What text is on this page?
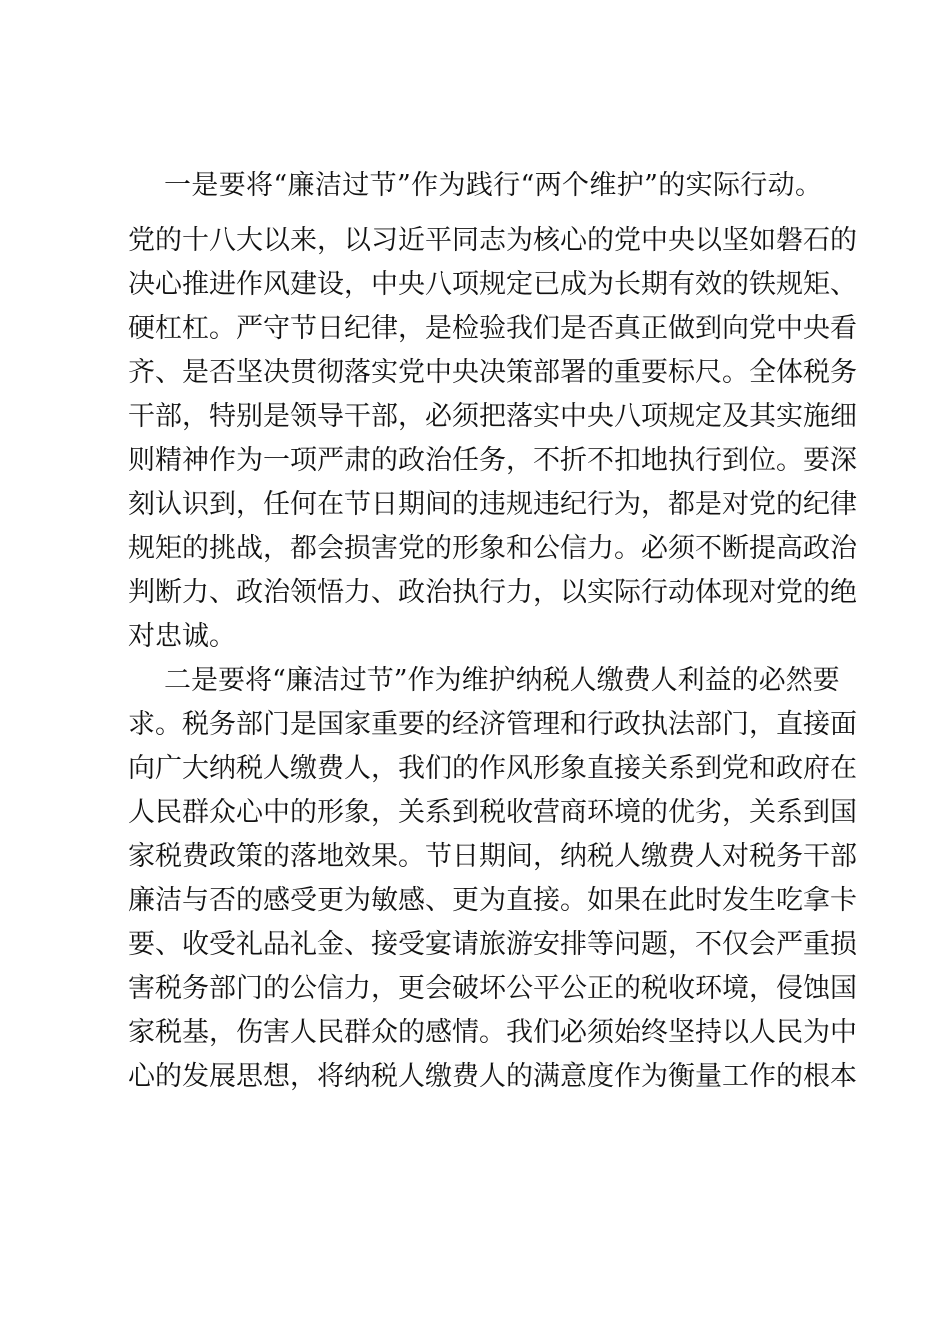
一是要将“廉洁过节”作为践行“两个维护”的实际行动。
党的十八大以来，以习近平同志为核心的党中央以坚如磐石的
决心推进作风建设，中央八项规定已成为长期有效的铁规矩、
硬杠杠。严守节日纪律，是检验我们是否真正做到向党中央看
齐、是否坚决贯彻落实党中央决策部署的重要标尺。全体税务
干部，特别是领导干部，必须把落实中央八项规定及其实施细
则精神作为一项严肃的政治任务，不折不扣地执行到位。要深
刻认识到，任何在节日期间的违规违纪行为，都是对党的纪律
规矩的挑战，都会损害党的形象和公信力。必须不断提高政治
判断力、政治领悟力、政治执行力，以实际行动体现对党的绝
对忠诚。
二是要将“廉洁过节”作为维护纳税人缴费人利益的必然要
求。税务部门是国家重要的经济管理和行政执法部门，直接面
向广大纳税人缴费人，我们的作风形象直接关系到党和政府在
人民群众心中的形象，关系到税收营商环境的优劣，关系到国
家税费政策的落地效果。节日期间，纳税人缴费人对税务干部
廉洁与否的感受更为敏感、更为直接。如果在此时发生吃拿卡
要、收受礼品礼金、接受宴请旅游安排等问题，不仅会严重损
害税务部门的公信力，更会破坏公平公正的税收环境，侵蚀国
家税基，伤害人民群众的感情。我们必须始终坚持以人民为中
心的发展思想，将纳税人缴费人的满意度作为衡量工作的根本
